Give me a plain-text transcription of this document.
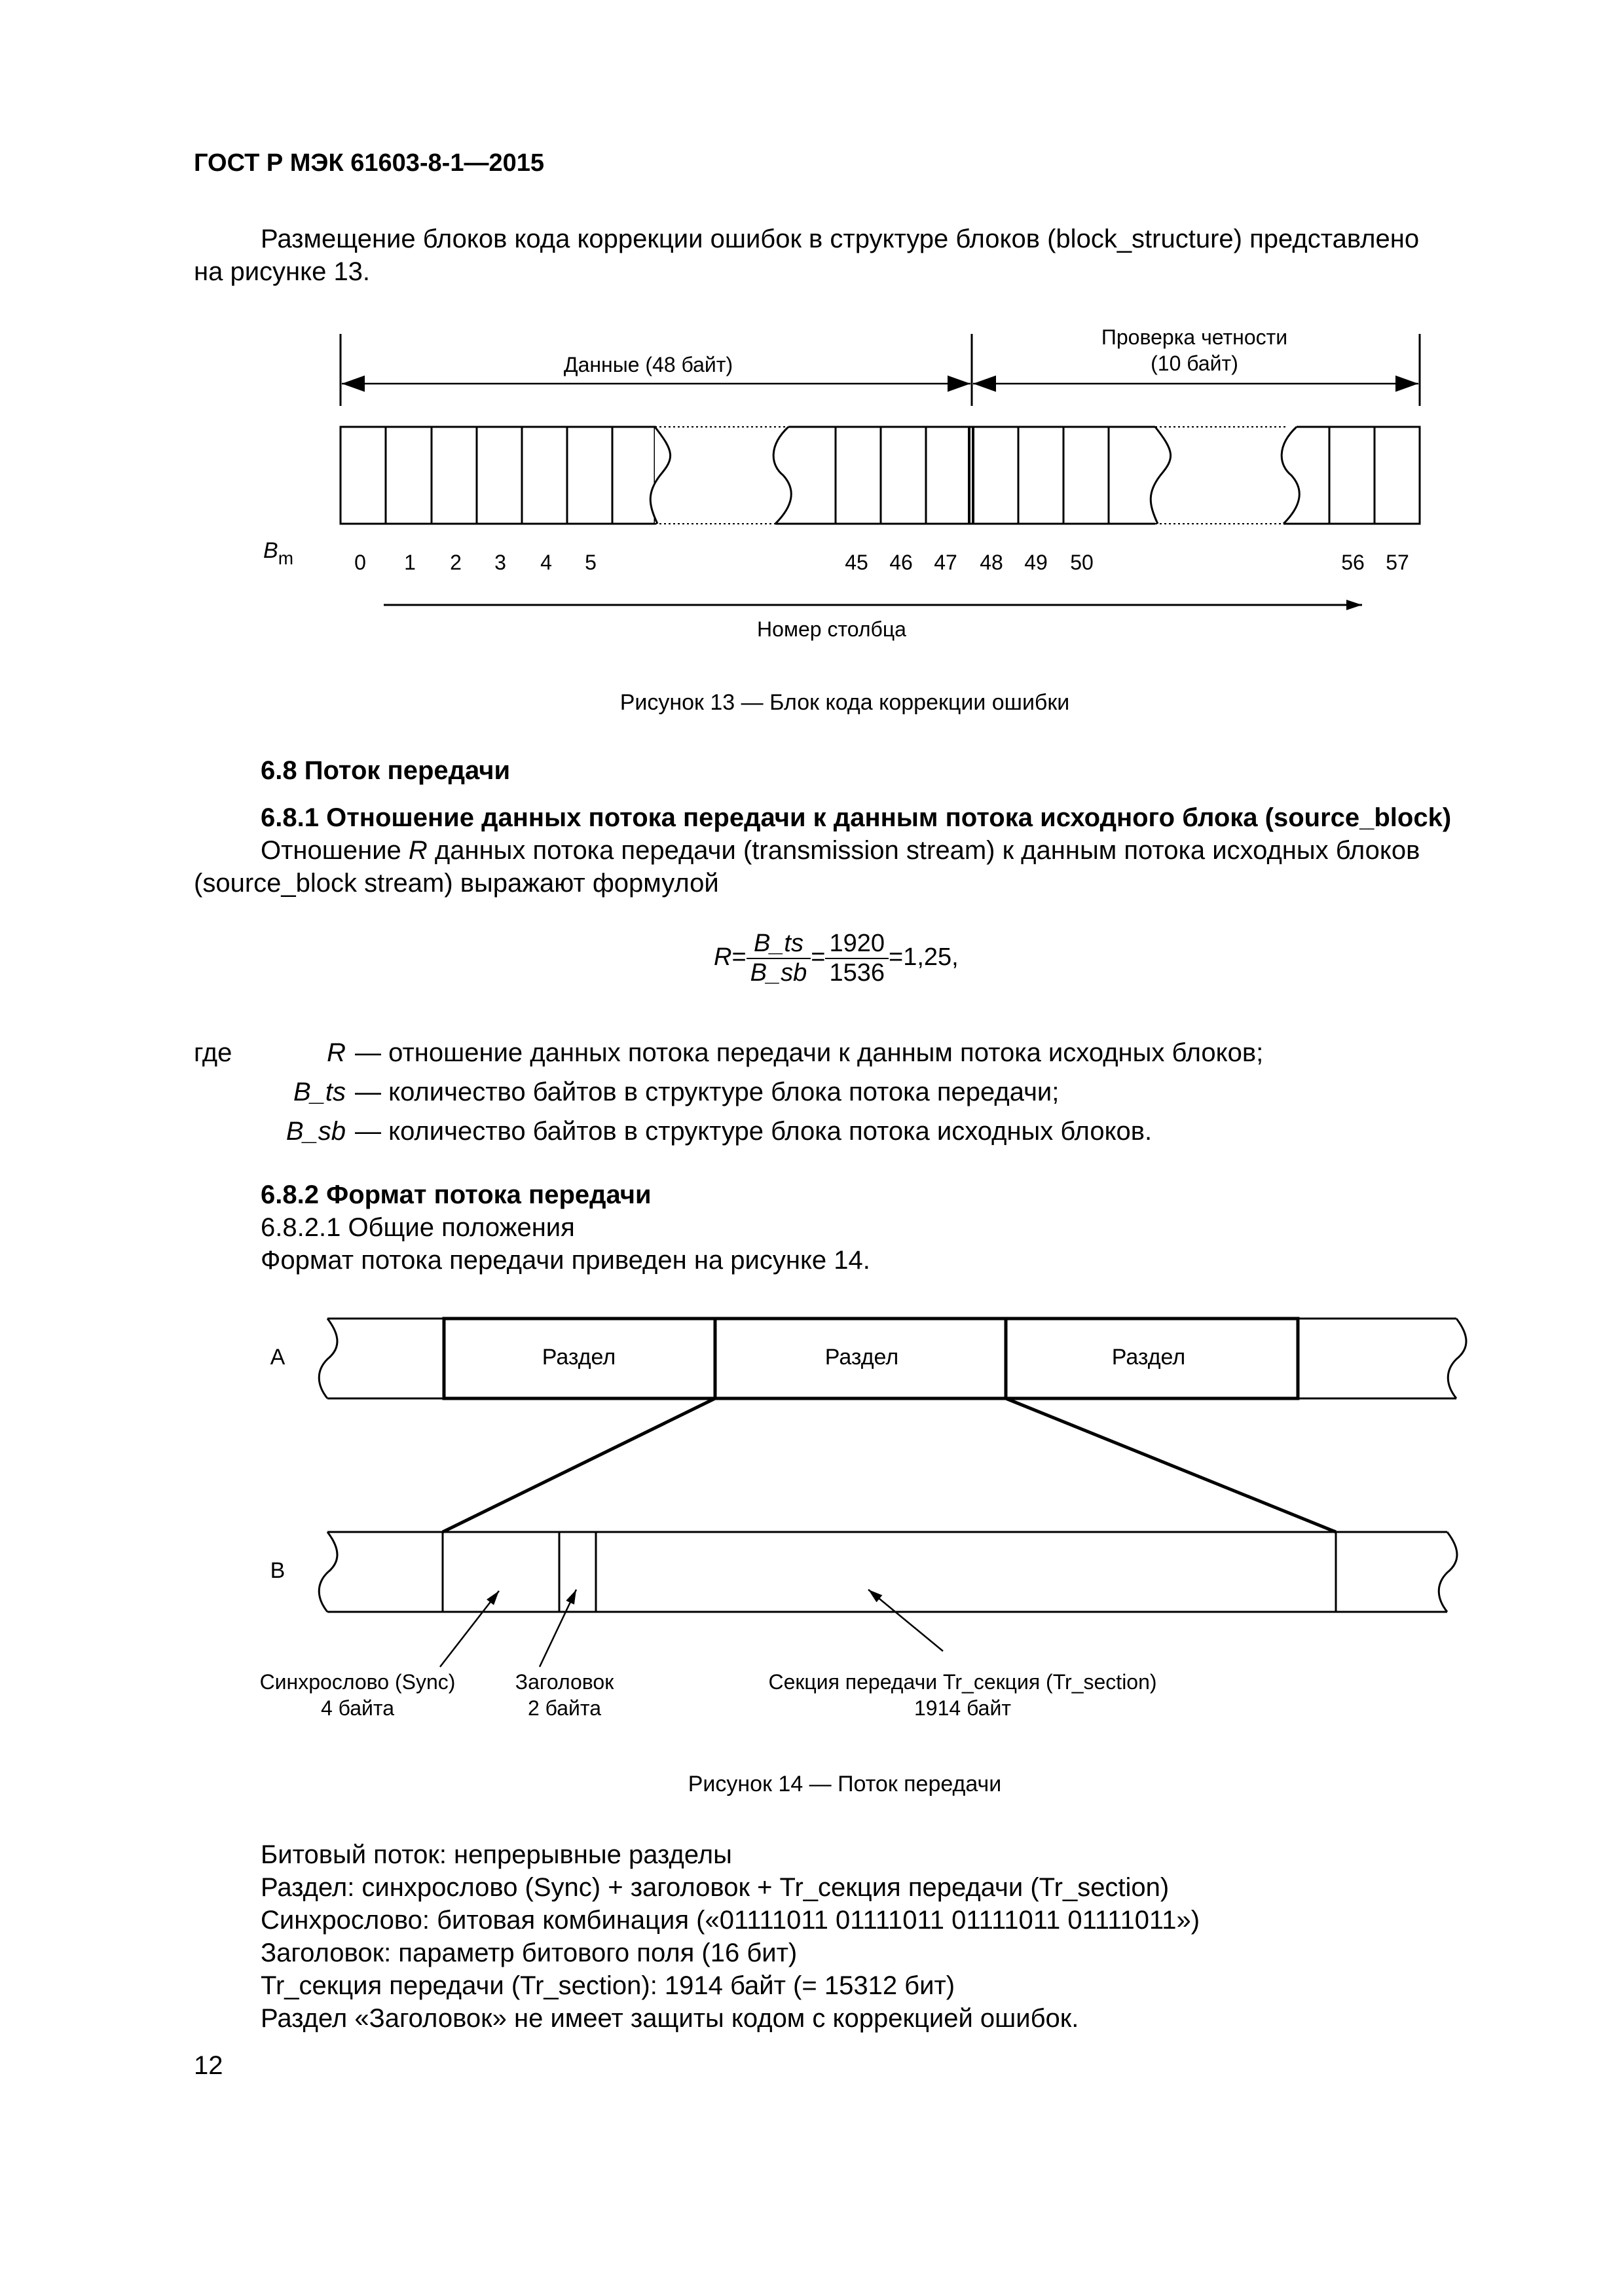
ГОСТ Р МЭК 61603-8-1—2015
Размещение блоков кода коррекции ошибок в структуре блоков (block_structure) представлено
на рисунке 13.
Данные (48 байт)
Проверка четности
(10 байт)
$B_m$	0 1 2 3 4 5	45 46 47 48 49 50	56 57
Номер столбца
Рисунок 13 — Блок кода коррекции ошибки
6.8 Поток передачи
6.8.1 Отношение данных потока передачи к данным потока исходного блока (source_block)
Отношение R данных потока передачи (transmission stream) к данным потока исходных блоков
(source_block stream) выражают формулой
$R= \frac{B\_ts}{B\_sb} = \frac{1920}{1536} =1,25$,
где	R	— отношение данных потока передачи к данным потока исходных блоков;
	B_ts	— количество байтов в структуре блока потока передачи;
	B_sb	— количество байтов в структуре блока потока исходных блоков.
6.8.2 Формат потока передачи
6.8.2.1 Общие положения
Формат потока передачи приведен на рисунке 14.
A	Раздел	Раздел	Раздел
B
Синхрослово (Sync)
4 байта
Заголовок
2 байта
Секция передачи Tr_секция (Tr_section)
1914 байт
Рисунок 14 — Поток передачи
Битовый поток: непрерывные разделы
Раздел: синхрослово (Sync) + заголовок + Tr_секция передачи (Tr_section)
Синхрослово: битовая комбинация («01111011 01111011 01111011 01111011»)
Заголовок: параметр битового поля (16 бит)
Tr_секция передачи (Tr_section): 1914 байт (= 15312 бит)
Раздел «Заголовок» не имеет защиты кодом с коррекцией ошибок.
12
